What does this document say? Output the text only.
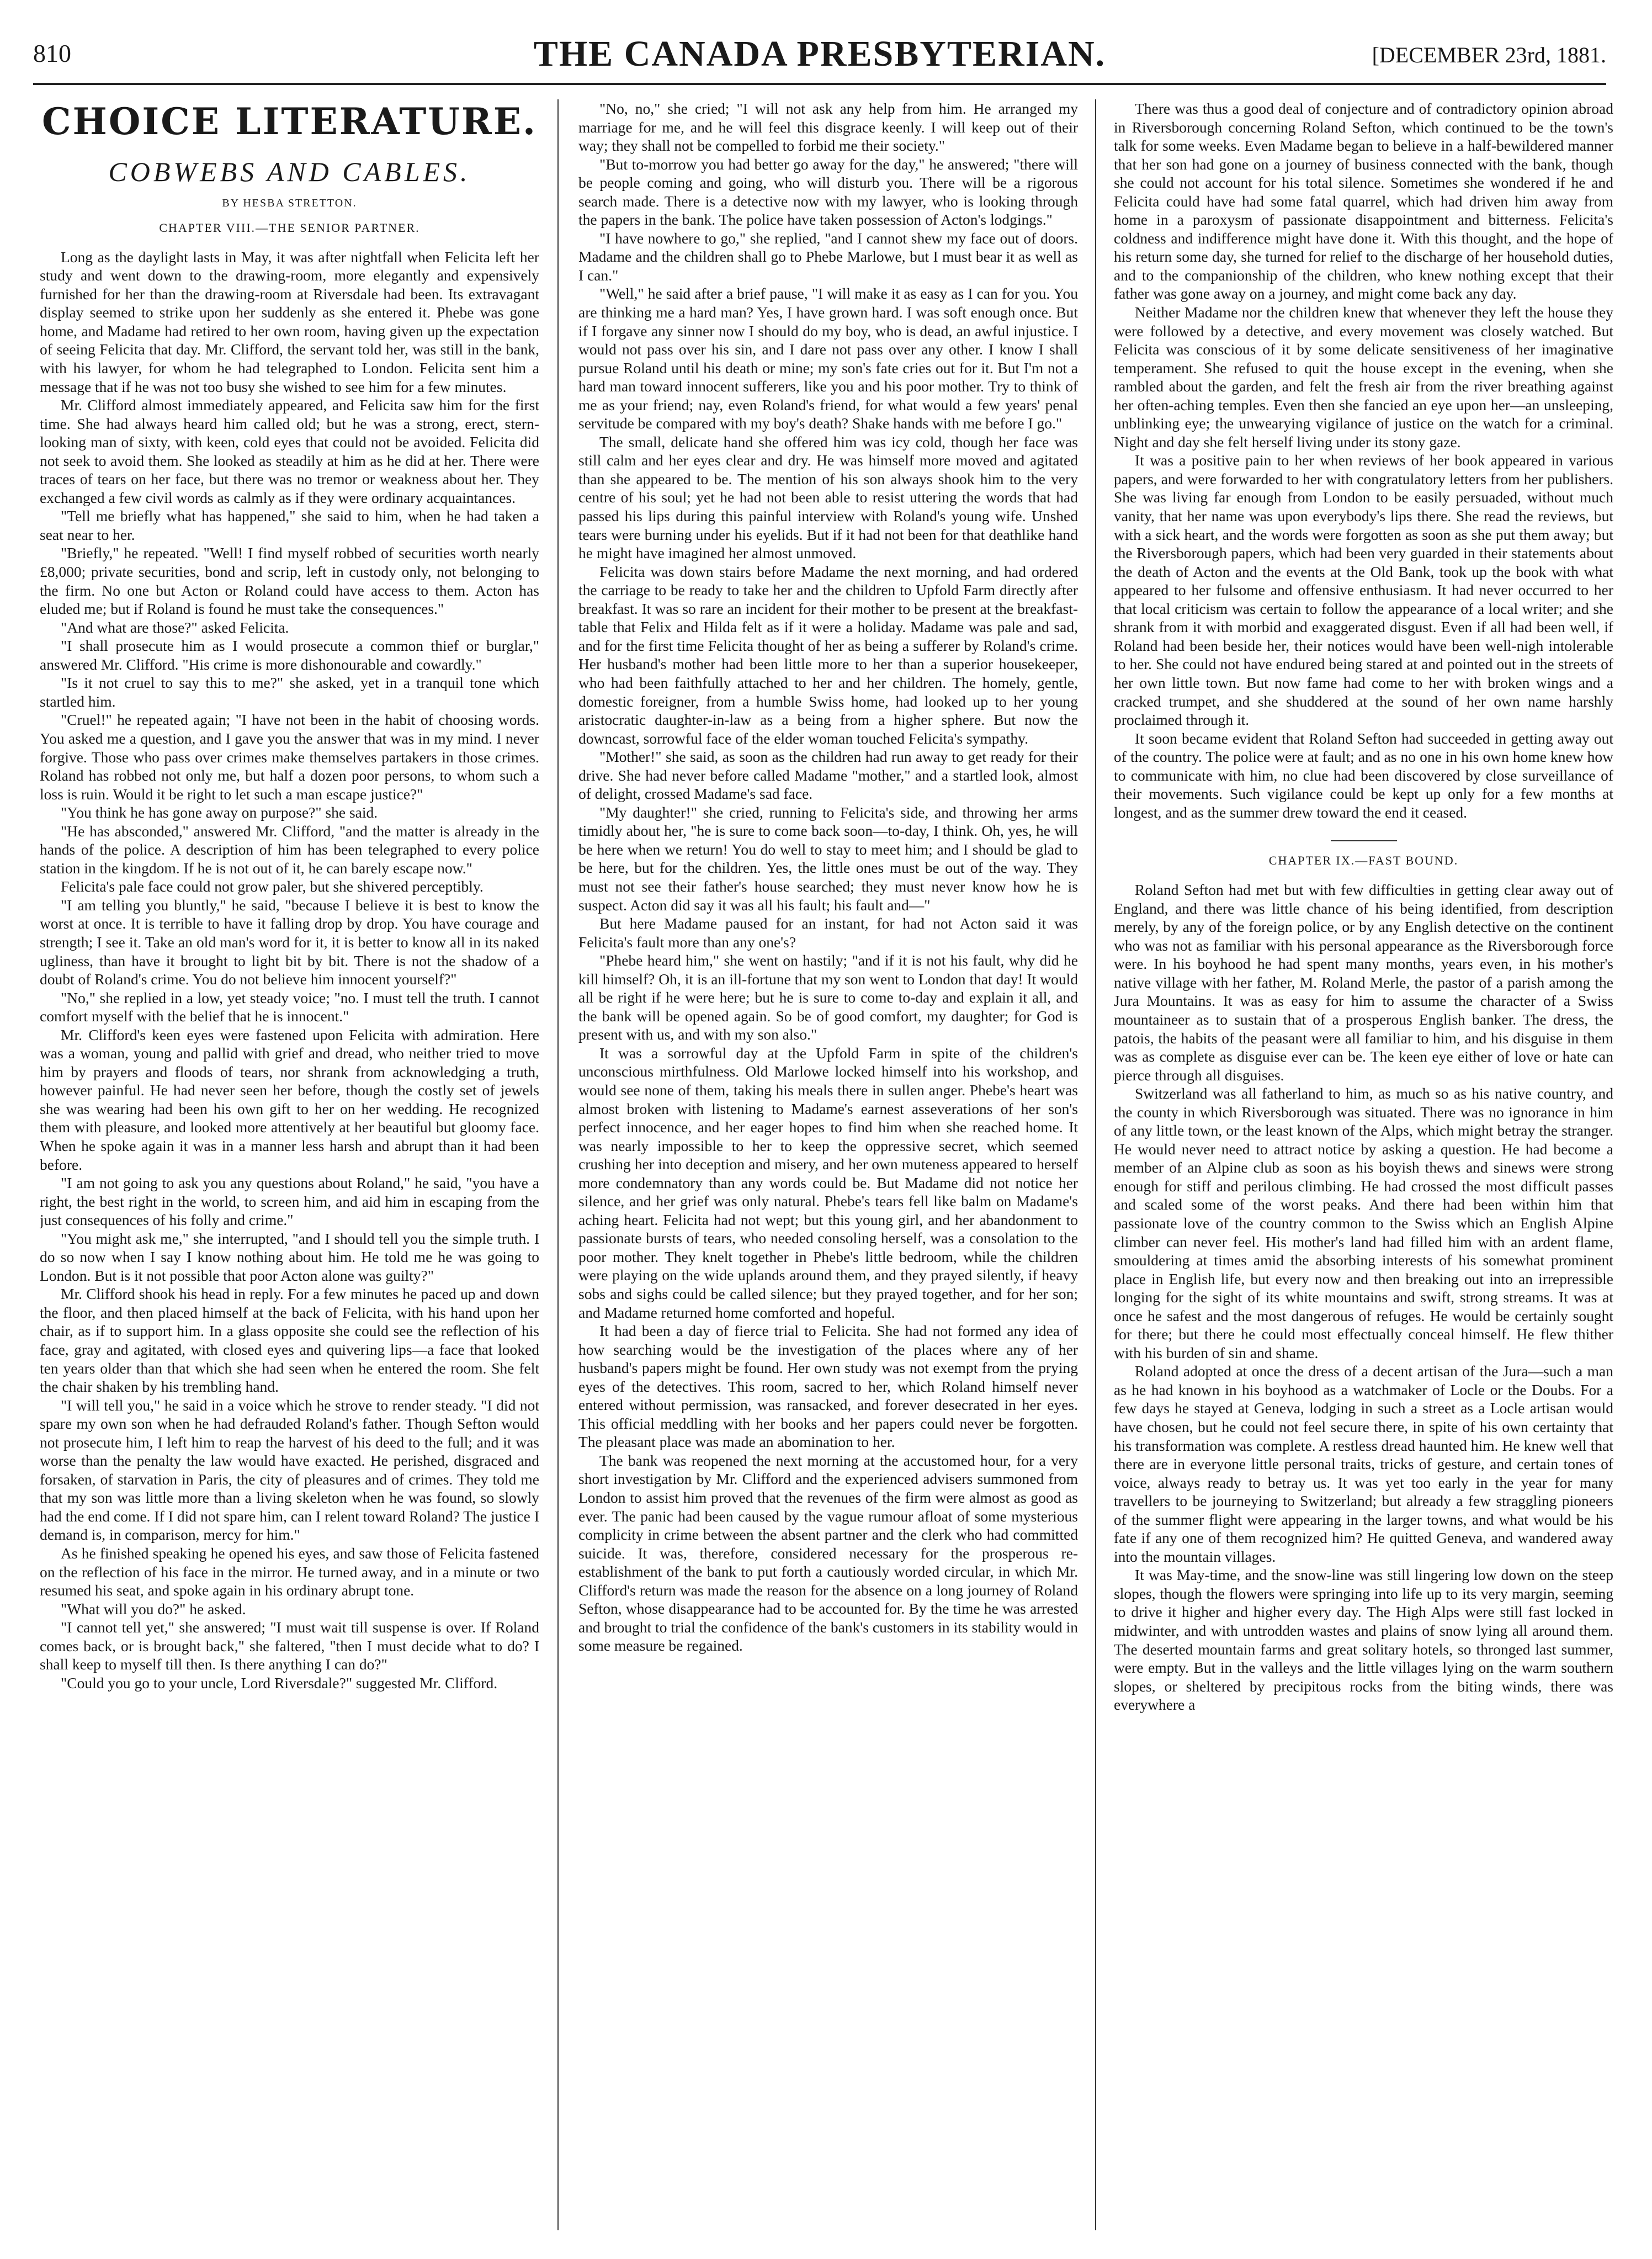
810	THE CANADA PRESBYTERIAN.	[DECEMBER 23rd, 1881.
CHOICE LITERATURE.
COBWEBS AND CABLES.
BY HESBA STRETTON.
CHAPTER VIII.—THE SENIOR PARTNER.

Long as the daylight lasts in May, it was after nightfall when Felicita left her study and went down to the drawing-room, more elegantly and expensively furnished for her than the drawing-room at Riversdale had been. Its extravagant display seemed to strike upon her suddenly as she entered it. Phebe was gone home, and Madame had retired to her own room, having given up the expectation of seeing Felicita that day. Mr. Clifford, the servant told her, was still in the bank, with his lawyer, for whom he had telegraphed to London. Felicita sent him a message that if he was not too busy she wished to see him for a few minutes.

Mr. Clifford almost immediately appeared, and Felicita saw him for the first time. She had always heard him called old; but he was a strong, erect, stern-looking man of sixty, with keen, cold eyes that could not be avoided. Felicita did not seek to avoid them. She looked as steadily at him as he did at her. There were traces of tears on her face, but there was no tremor or weakness about her. They exchanged a few civil words as calmly as if they were ordinary acquaintances.

"Tell me briefly what has happened," she said to him, when he had taken a seat near to her.

"Briefly," he repeated. "Well! I find myself robbed of securities worth nearly £8,000; private securities, bond and scrip, left in custody only, not belonging to the firm. No one but Acton or Roland could have access to them. Acton has eluded me; but if Roland is found he must take the consequences."

"And what are those?" asked Felicita.

"I shall prosecute him as I would prosecute a common thief or burglar," answered Mr. Clifford. "His crime is more dishonourable and cowardly."

"Is it not cruel to say this to me?" she asked, yet in a tranquil tone which startled him.

"Cruel!" he repeated again; "I have not been in the habit of choosing words. You asked me a question, and I gave you the answer that was in my mind. I never forgive. Those who pass over crimes make themselves partakers in those crimes. Roland has robbed not only me, but half a dozen poor persons, to whom such a loss is ruin. Would it be right to let such a man escape justice?"

"You think he has gone away on purpose?" she said.

"He has absconded," answered Mr. Clifford, "and the matter is already in the hands of the police. A description of him has been telegraphed to every police station in the kingdom. If he is not out of it, he can barely escape now."

Felicita's pale face could not grow paler, but she shivered perceptibly.

"I am telling you bluntly," he said, "because I believe it is best to know the worst at once. It is terrible to have it falling drop by drop. You have courage and strength; I see it. Take an old man's word for it, it is better to know all in its naked ugliness, than have it brought to light bit by bit. There is not the shadow of a doubt of Roland's crime. You do not believe him innocent yourself?"

"No," she replied in a low, yet steady voice; "no. I must tell the truth. I cannot comfort myself with the belief that he is innocent."

Mr. Clifford's keen eyes were fastened upon Felicita with admiration. Here was a woman, young and pallid with grief and dread, who neither tried to move him by prayers and floods of tears, nor shrank from acknowledging a truth, however painful. He had never seen her before, though the costly set of jewels she was wearing had been his own gift to her on her wedding. He recognized them with pleasure, and looked more attentively at her beautiful but gloomy face. When he spoke again it was in a manner less harsh and abrupt than it had been before.

"I am not going to ask you any questions about Roland," he said, "you have a right, the best right in the world, to screen him, and aid him in escaping from the just consequences of his folly and crime."

"You might ask me," she interrupted, "and I should tell you the simple truth. I do so now when I say I know nothing about him. He told me he was going to London. But is it not possible that poor Acton alone was guilty?"

Mr. Clifford shook his head in reply. For a few minutes he paced up and down the floor, and then placed himself at the back of Felicita, with his hand upon her chair, as if to support him. In a glass opposite she could see the reflection of his face, gray and agitated, with closed eyes and quivering lips—a face that looked ten years older than that which she had seen when he entered the room. She felt the chair shaken by his trembling hand.

"I will tell you," he said in a voice which he strove to render steady. "I did not spare my own son when he had defrauded Roland's father. Though Sefton would not prosecute him, I left him to reap the harvest of his deed to the full; and it was worse than the penalty the law would have exacted. He perished, disgraced and forsaken, of starvation in Paris, the city of pleasures and of crimes. They told me that my son was little more than a living skeleton when he was found, so slowly had the end come. If I did not spare him, can I relent toward Roland? The justice I demand is, in comparison, mercy for him."

As he finished speaking he opened his eyes, and saw those of Felicita fastened on the reflection of his face in the mirror. He turned away, and in a minute or two resumed his seat, and spoke again in his ordinary abrupt tone.

"What will you do?" he asked.

"I cannot tell yet," she answered; "I must wait till suspense is over. If Roland comes back, or is brought back," she faltered, "then I must decide what to do? I shall keep to myself till then. Is there anything I can do?"

"Could you go to your uncle, Lord Riversdale?" suggested Mr. Clifford.

"No, no," she cried; "I will not ask any help from him. He arranged my marriage for me, and he will feel this disgrace keenly. I will keep out of their way; they shall not be compelled to forbid me their society."

"But to-morrow you had better go away for the day," he answered; "there will be people coming and going, who will disturb you. There will be a rigorous search made. There is a detective now with my lawyer, who is looking through the papers in the bank. The police have taken possession of Acton's lodgings."

"I have nowhere to go," she replied, "and I cannot shew my face out of doors. Madame and the children shall go to Phebe Marlowe, but I must bear it as well as I can."

"Well," he said after a brief pause, "I will make it as easy as I can for you. You are thinking me a hard man? Yes, I have grown hard. I was soft enough once. But if I forgave any sinner now I should do my boy, who is dead, an awful injustice. I would not pass over his sin, and I dare not pass over any other. I know I shall pursue Roland until his death or mine; my son's fate cries out for it. But I'm not a hard man toward innocent sufferers, like you and his poor mother. Try to think of me as your friend; nay, even Roland's friend, for what would a few years' penal servitude be compared with my boy's death? Shake hands with me before I go."

The small, delicate hand she offered him was icy cold, though her face was still calm and her eyes clear and dry. He was himself more moved and agitated than she appeared to be. The mention of his son always shook him to the very centre of his soul; yet he had not been able to resist uttering the words that had passed his lips during this painful interview with Roland's young wife. Unshed tears were burning under his eyelids. But if it had not been for that deathlike hand he might have imagined her almost unmoved.

Felicita was down stairs before Madame the next morning, and had ordered the carriage to be ready to take her and the children to Upfold Farm directly after breakfast. It was so rare an incident for their mother to be present at the breakfast-table that Felix and Hilda felt as if it were a holiday. Madame was pale and sad, and for the first time Felicita thought of her as being a sufferer by Roland's crime. Her husband's mother had been little more to her than a superior housekeeper, who had been faithfully attached to her and her children. The homely, gentle, domestic foreigner, from a humble Swiss home, had looked up to her young aristocratic daughter-in-law as a being from a higher sphere. But now the downcast, sorrowful face of the elder woman touched Felicita's sympathy.

"Mother!" she said, as soon as the children had run away to get ready for their drive. She had never before called Madame "mother," and a startled look, almost of delight, crossed Madame's sad face.

"My daughter!" she cried, running to Felicita's side, and throwing her arms timidly about her, "he is sure to come back soon—to-day, I think. Oh, yes, he will be here when we return! You do well to stay to meet him; and I should be glad to be here, but for the children. Yes, the little ones must be out of the way. They must not see their father's house searched; they must never know how he is suspect. Acton did say it was all his fault; his fault and—"

But here Madame paused for an instant, for had not Acton said it was Felicita's fault more than any one's?

"Phebe heard him," she went on hastily; "and if it is not his fault, why did he kill himself? Oh, it is an ill-fortune that my son went to London that day! It would all be right if he were here; but he is sure to come to-day and explain it all, and the bank will be opened again. So be of good comfort, my daughter; for God is present with us, and with my son also."

It was a sorrowful day at the Upfold Farm in spite of the children's unconscious mirthfulness. Old Marlowe locked himself into his workshop, and would see none of them, taking his meals there in sullen anger. Phebe's heart was almost broken with listening to Madame's earnest asseverations of her son's perfect innocence, and her eager hopes to find him when she reached home. It was nearly impossible to her to keep the oppressive secret, which seemed crushing her into deception and misery, and her own muteness appeared to herself more condemnatory than any words could be. But Madame did not notice her silence, and her grief was only natural. Phebe's tears fell like balm on Madame's aching heart. Felicita had not wept; but this young girl, and her abandonment to passionate bursts of tears, who needed consoling herself, was a consolation to the poor mother. They knelt together in Phebe's little bedroom, while the children were playing on the wide uplands around them, and they prayed silently, if heavy sobs and sighs could be called silence; but they prayed together, and for her son; and Madame returned home comforted and hopeful.

It had been a day of fierce trial to Felicita. She had not formed any idea of how searching would be the investigation of the places where any of her husband's papers might be found. Her own study was not exempt from the prying eyes of the detectives. This room, sacred to her, which Roland himself never entered without permission, was ransacked, and forever desecrated in her eyes. This official meddling with her books and her papers could never be forgotten. The pleasant place was made an abomination to her.

The bank was reopened the next morning at the accustomed hour, for a very short investigation by Mr. Clifford and the experienced advisers summoned from London to assist him proved that the revenues of the firm were almost as good as ever. The panic had been caused by the vague rumour afloat of some mysterious complicity in crime between the absent partner and the clerk who had committed suicide. It was, therefore, considered necessary for the prosperous re-establishment of the bank to put forth a cautiously worded circular, in which Mr. Clifford's return was made the reason for the absence on a long journey of Roland Sefton, whose disappearance had to be accounted for. By the time he was arrested and brought to trial the confidence of the bank's customers in its stability would in some measure be regained.

There was thus a good deal of conjecture and of contradictory opinion abroad in Riversborough concerning Roland Sefton, which continued to be the town's talk for some weeks. Even Madame began to believe in a half-bewildered manner that her son had gone on a journey of business connected with the bank, though she could not account for his total silence. Sometimes she wondered if he and Felicita could have had some fatal quarrel, which had driven him away from home in a paroxysm of passionate disappointment and bitterness. Felicita's coldness and indifference might have done it. With this thought, and the hope of his return some day, she turned for relief to the discharge of her household duties, and to the companionship of the children, who knew nothing except that their father was gone away on a journey, and might come back any day.

Neither Madame nor the children knew that whenever they left the house they were followed by a detective, and every movement was closely watched. But Felicita was conscious of it by some delicate sensitiveness of her imaginative temperament. She refused to quit the house except in the evening, when she rambled about the garden, and felt the fresh air from the river breathing against her often-aching temples. Even then she fancied an eye upon her—an unsleeping, unblinking eye; the unwearying vigilance of justice on the watch for a criminal. Night and day she felt herself living under its stony gaze.

It was a positive pain to her when reviews of her book appeared in various papers, and were forwarded to her with congratulatory letters from her publishers. She was living far enough from London to be easily persuaded, without much vanity, that her name was upon everybody's lips there. She read the reviews, but with a sick heart, and the words were forgotten as soon as she put them away; but the Riversborough papers, which had been very guarded in their statements about the death of Acton and the events at the Old Bank, took up the book with what appeared to her fulsome and offensive enthusiasm. It had never occurred to her that local criticism was certain to follow the appearance of a local writer; and she shrank from it with morbid and exaggerated disgust. Even if all had been well, if Roland had been beside her, their notices would have been well-nigh intolerable to her. She could not have endured being stared at and pointed out in the streets of her own little town. But now fame had come to her with broken wings and a cracked trumpet, and she shuddered at the sound of her own name harshly proclaimed through it.

It soon became evident that Roland Sefton had succeeded in getting away out of the country. The police were at fault; and as no one in his own home knew how to communicate with him, no clue had been discovered by close surveillance of their movements. Such vigilance could be kept up only for a few months at longest, and as the summer drew toward the end it ceased.

CHAPTER IX.—FAST BOUND.

Roland Sefton had met but with few difficulties in getting clear away out of England, and there was little chance of his being identified, from description merely, by any of the foreign police, or by any English detective on the continent who was not as familiar with his personal appearance as the Riversborough force were. In his boyhood he had spent many months, years even, in his mother's native village with her father, M. Roland Merle, the pastor of a parish among the Jura Mountains. It was as easy for him to assume the character of a Swiss mountaineer as to sustain that of a prosperous English banker. The dress, the patois, the habits of the peasant were all familiar to him, and his disguise in them was as complete as disguise ever can be. The keen eye either of love or hate can pierce through all disguises.

Switzerland was all fatherland to him, as much so as his native country, and the county in which Riversborough was situated. There was no ignorance in him of any little town, or the least known of the Alps, which might betray the stranger. He would never need to attract notice by asking a question. He had become a member of an Alpine club as soon as his boyish thews and sinews were strong enough for stiff and perilous climbing. He had crossed the most difficult passes and scaled some of the worst peaks. And there had been within him that passionate love of the country common to the Swiss which an English Alpine climber can never feel. His mother's land had filled him with an ardent flame, smouldering at times amid the absorbing interests of his somewhat prominent place in English life, but every now and then breaking out into an irrepressible longing for the sight of its white mountains and swift, strong streams. It was at once he safest and the most dangerous of refuges. He would be certainly sought for there; but there he could most effectually conceal himself. He flew thither with his burden of sin and shame.

Roland adopted at once the dress of a decent artisan of the Jura—such a man as he had known in his boyhood as a watchmaker of Locle or the Doubs. For a few days he stayed at Geneva, lodging in such a street as a Locle artisan would have chosen, but he could not feel secure there, in spite of his own certainty that his transformation was complete. A restless dread haunted him. He knew well that there are in everyone little personal traits, tricks of gesture, and certain tones of voice, always ready to betray us. It was yet too early in the year for many travellers to be journeying to Switzerland; but already a few straggling pioneers of the summer flight were appearing in the larger towns, and what would be his fate if any one of them recognized him? He quitted Geneva, and wandered away into the mountain villages.

It was May-time, and the snow-line was still lingering low down on the steep slopes, though the flowers were springing into life up to its very margin, seeming to drive it higher and higher every day. The High Alps were still fast locked in midwinter, and with untrodden wastes and plains of snow lying all around them. The deserted mountain farms and great solitary hotels, so thronged last summer, were empty. But in the valleys and the little villages lying on the warm southern slopes, or sheltered by precipitous rocks from the biting winds, there was everywhere a
